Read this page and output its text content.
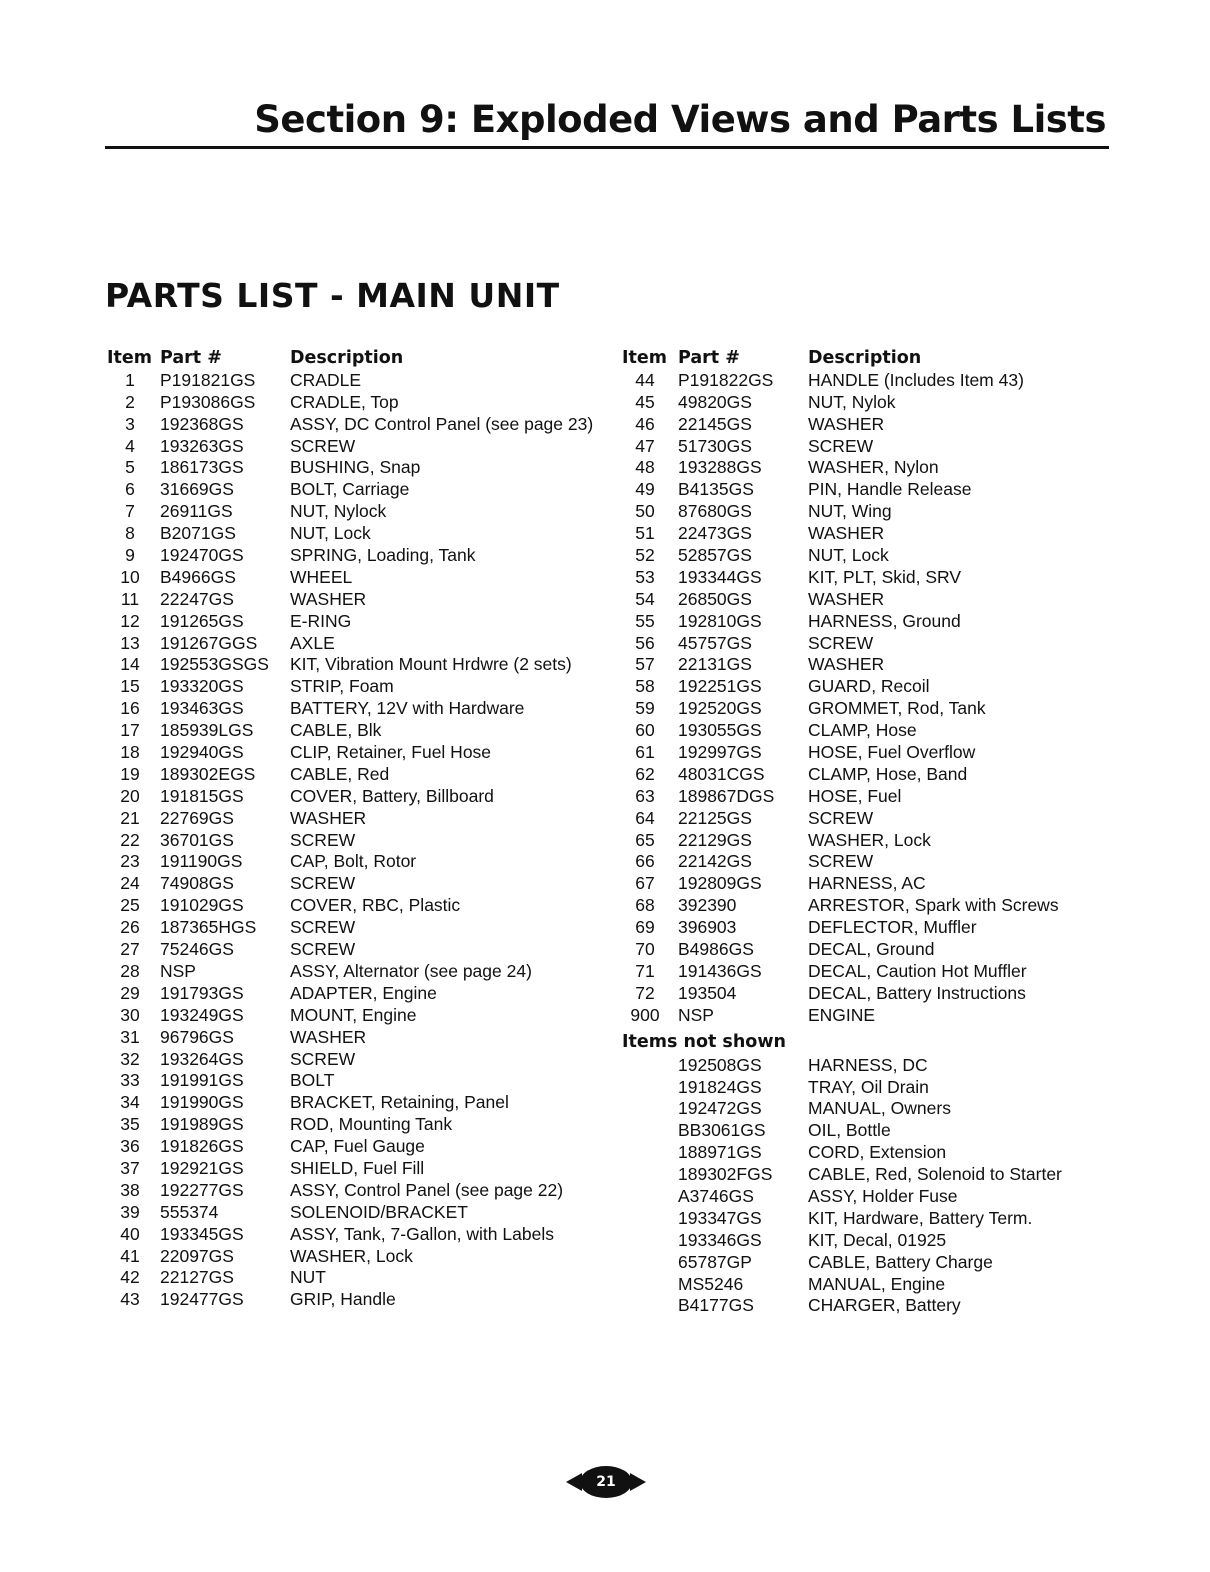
Section 9: Exploded Views and Parts Lists
PARTS LIST - MAIN UNIT
Item Part #	Description
1	P191821GS CRADLE
2	P193086GS CRADLE, Top
3	192368GS	ASSY, DC Control Panel (see page 23)
4	193263GS	SCREW
5	186173GS	BUSHING, Snap
6	31669GS	BOLT, Carriage
7	26911GS	NUT, Nylock
8	B2071GS	NUT, Lock
9	192470GS	SPRING, Loading, Tank
10	B4966GS	WHEEL
11	22247GS	WASHER
12	191265GS	E-RING
13	191267GGS AXLE
14	192553GSGS KIT, Vibration Mount Hrdwre (2 sets)
15	193320GS	STRIP, Foam
16	193463GS	BATTERY, 12V with Hardware
17	185939LGS CABLE, Blk
18	192940GS	CLIP, Retainer, Fuel Hose
19	189302EGS CABLE, Red
20	191815GS	COVER, Battery, Billboard
21	22769GS	WASHER
22	36701GS	SCREW
23	191190GS	CAP, Bolt, Rotor
24	74908GS	SCREW
25	191029GS	COVER, RBC, Plastic
26	187365HGS SCREW
27	75246GS	SCREW
28	NSP	ASSY, Alternator (see page 24)
29	191793GS	ADAPTER, Engine
30	193249GS	MOUNT, Engine
31	96796GS	WASHER
32	193264GS	SCREW
33	191991GS	BOLT
34	191990GS	BRACKET, Retaining, Panel
35	191989GS	ROD, Mounting Tank
36	191826GS	CAP, Fuel Gauge
37	192921GS	SHIELD, Fuel Fill
38	192277GS	ASSY, Control Panel (see page 22)
39	555374	SOLENOID/BRACKET
40	193345GS	ASSY, Tank, 7-Gallon, with Labels
41	22097GS	WASHER, Lock
42	22127GS	NUT
43	192477GS	GRIP, Handle
Item Part #	Description
44	P191822GS HANDLE (Includes Item 43)
45	49820GS	NUT, Nylok
46	22145GS	WASHER
47	51730GS	SCREW
48	193288GS	WASHER, Nylon
49	B4135GS	PIN, Handle Release
50	87680GS	NUT, Wing
51	22473GS	WASHER
52	52857GS	NUT, Lock
53	193344GS	KIT, PLT, Skid, SRV
54	26850GS	WASHER
55	192810GS	HARNESS, Ground
56	45757GS	SCREW
57	22131GS	WASHER
58	192251GS	GUARD, Recoil
59	192520GS	GROMMET, Rod, Tank
60	193055GS	CLAMP, Hose
61	192997GS	HOSE, Fuel Overflow
62	48031CGS CLAMP, Hose, Band
63	189867DGS HOSE, Fuel
64	22125GS	SCREW
65	22129GS	WASHER, Lock
66	22142GS	SCREW
67	192809GS	HARNESS, AC
68	392390	ARRESTOR, Spark with Screws
69	396903	DEFLECTOR, Muffler
70	B4986GS	DECAL, Ground
71	191436GS	DECAL, Caution Hot Muffler
72	193504	DECAL, Battery Instructions
900	NSP	ENGINE
Items not shown
192508GS	HARNESS, DC
191824GS	TRAY, Oil Drain
192472GS	MANUAL, Owners
BB3061GS OIL, Bottle
188971GS	CORD, Extension
189302FGS CABLE, Red, Solenoid to Starter
A3746GS	ASSY, Holder Fuse
193347GS	KIT, Hardware, Battery Term.
193346GS	KIT, Decal, 01925
65787GP	CABLE, Battery Charge
MS5246	MANUAL, Engine
B4177GS	CHARGER, Battery
21
